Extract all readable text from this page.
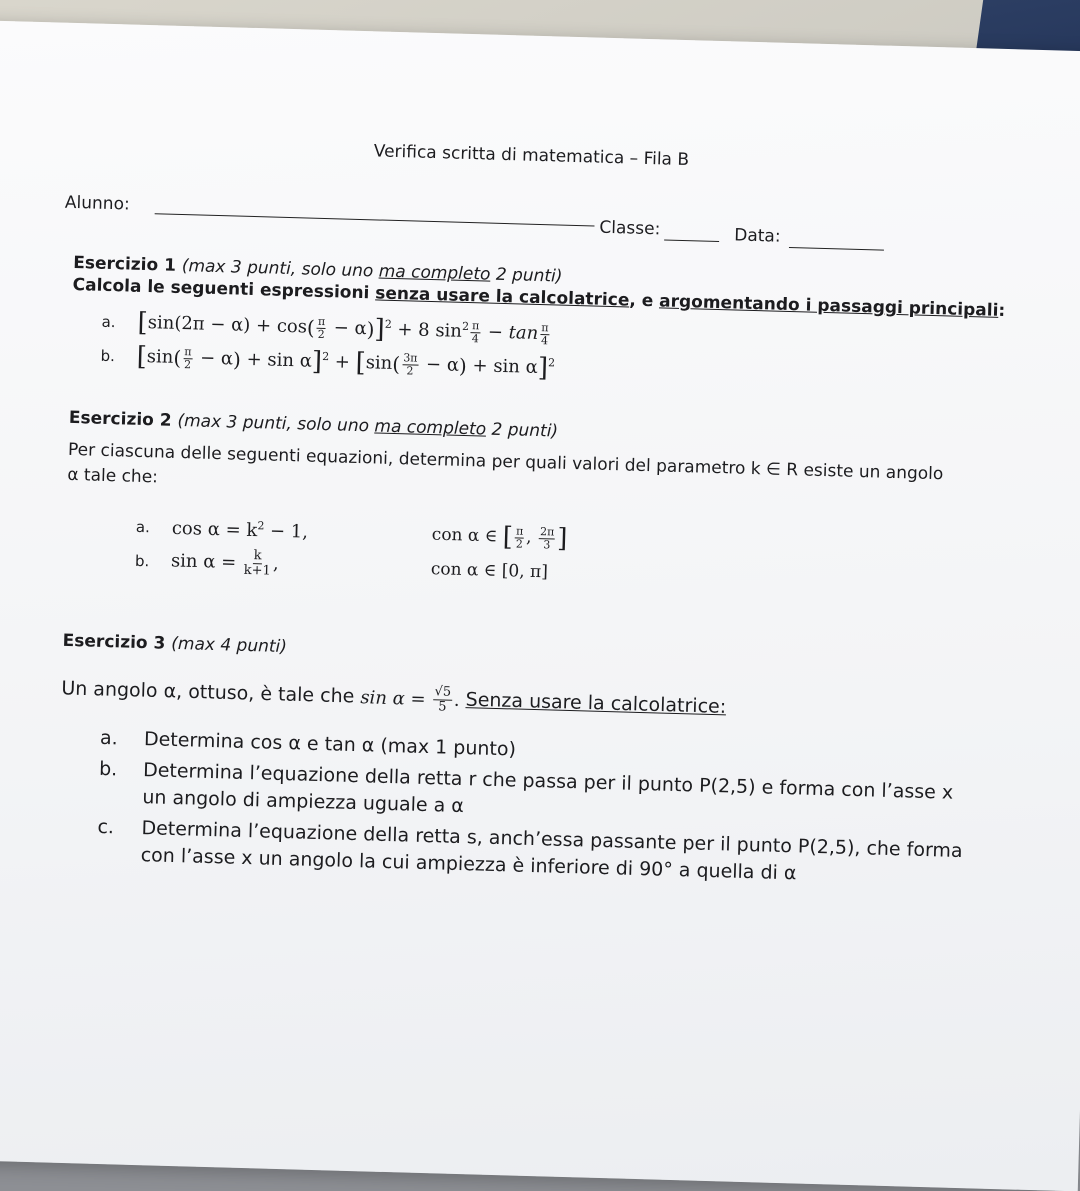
Verifica scritta di matematica – Fila B
Alunno:
Classe:	Data:
Esercizio 1 (max 3 punti, solo uno ma completo 2 punti)
Calcola le seguenti espressioni senza usare la calcolatrice, e argomentando i passaggi principali:
a. $[\sin(2\pi - \alpha) + \cos( \frac{\pi}{2} - \alpha)]^2 + 8$ $\sin^2 \frac{\pi}{4} - \tan \frac{\pi}{4}$
b. $[\sin( \frac{\pi}{2} - \alpha) + \sin \alpha]^2 + [\sin( \frac{3\pi}{2} - \alpha) + \sin \alpha]^2$
Esercizio 2 (max 3 punti, solo uno ma completo 2 punti)
Per ciascuna delle seguenti equazioni, determina per quali valori del parametro k ∈ R esiste un angolo α tale che:
a.	$\cos \alpha = k^2 - 1$,	con α ∈ [ $\frac{\pi}{2}$ , $\frac{2\pi}{3}$ ]
b.	$\sin \alpha = \frac{k}{k+1}$ ,	con α ∈ [0, π]
Esercizio 3 (max 4 punti)
Un angolo α, ottuso, è tale che $\sin \alpha = \frac{√5}{5}$ . Senza usare la calcolatrice:
a.	Determina cos α e tan α (max 1 punto)
b.	Determina l’equazione della retta r che passa per il punto P(2,5) e forma con l’asse x un angolo di ampiezza uguale a α
c.	Determina l’equazione della retta s, anch’essa passante per il punto P(2,5), che forma con l’asse x un angolo la cui ampiezza è inferiore di 90° a quella di α
